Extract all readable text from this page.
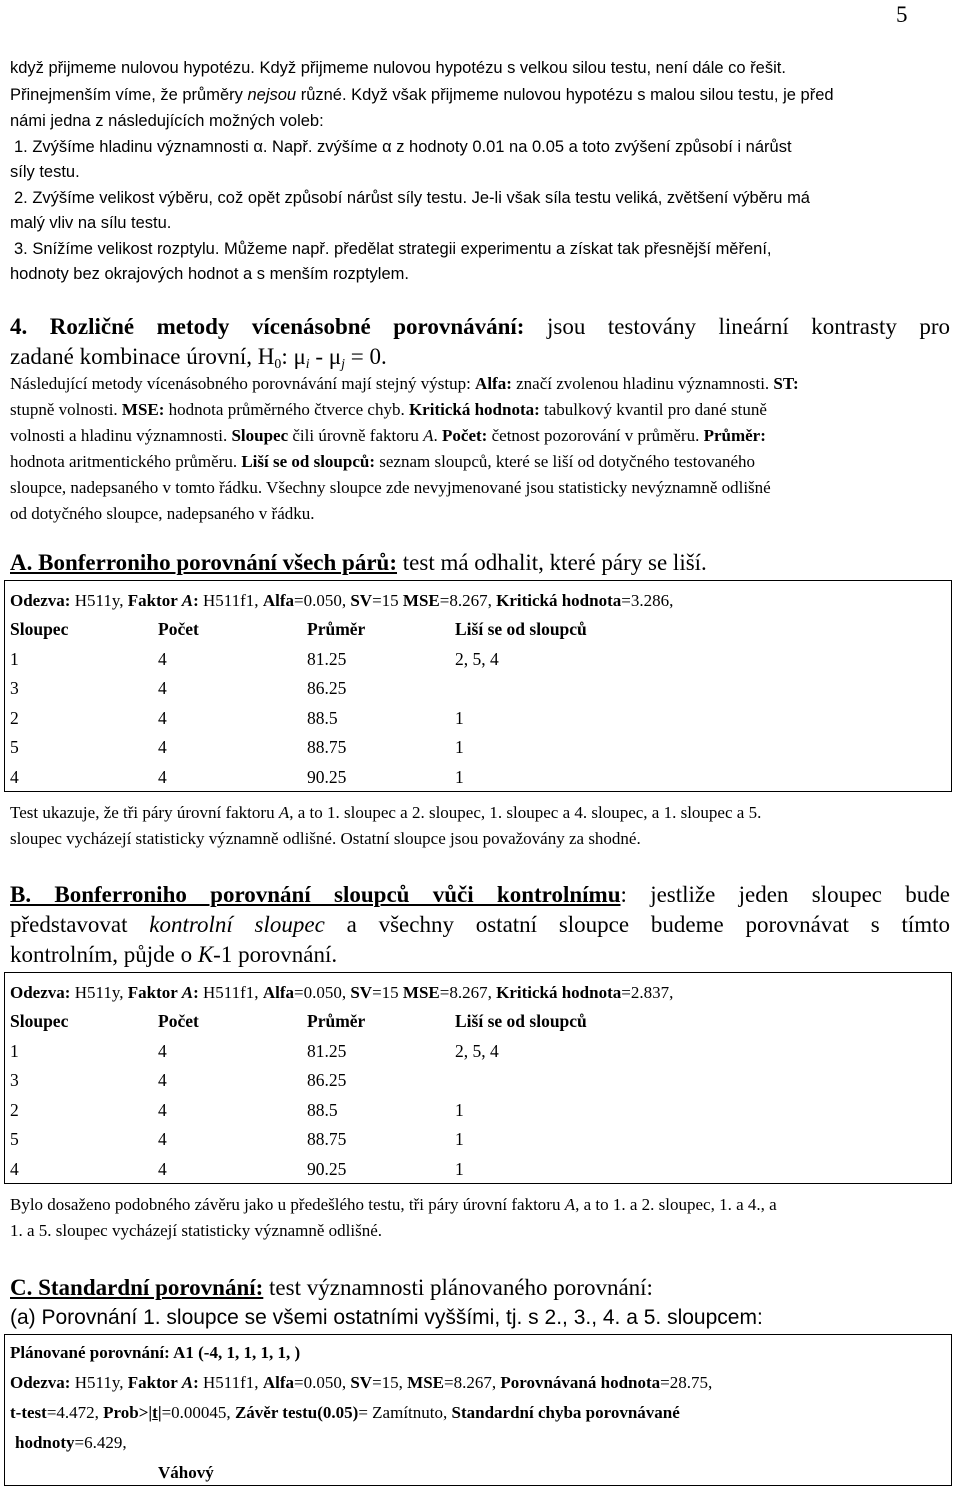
5
když přijmeme nulovou hypotézu. Když přijmeme nulovou hypotézu s velkou silou testu, není dále co řešit.
Přinejmenším víme, že průměry nejsou různé. Když však přijmeme nulovou hypotézu s malou silou testu, je před
námi jedna z následujících možných voleb:
1. Zvýšíme hladinu významnosti α. Např. zvýšíme α z hodnoty 0.01 na 0.05 a toto zvýšení způsobí i nárůst
síly testu.
2. Zvýšíme velikost výběru, což opět způsobí nárůst síly testu. Je-li však síla testu veliká, zvětšení výběru má
malý vliv na sílu testu.
3. Snížíme velikost rozptylu. Můžeme např. předělat strategii experimentu a získat tak přesnější měření,
hodnoty bez okrajových hodnot a s menším rozptylem.
4. Rozličné metody vícenásobné porovnávání: jsou testovány lineární kontrasty pro
zadané kombinace úrovní, $H_0$: $\mu_i - \mu_j = 0$.
Následující metody vícenásobného porovnávání mají stejný výstup: Alfa: značí zvolenou hladinu významnosti. ST:
stupně volnosti. MSE: hodnota průměrného čtverce chyb. Kritická hodnota: tabulkový kvantil pro dané stuně
volnosti a hladinu významnosti. Sloupec čili úrovně faktoru A. Počet: četnost pozorování v průměru. Průměr:
hodnota aritmentického průměru. Liší se od sloupců: seznam sloupců, které se liší od dotyčného testovaného
sloupce, nadepsaného v tomto řádku. Všechny sloupce zde nevyjmenované jsou statisticky nevýznamně odlišné
od dotyčného sloupce, nadepsaného v řádku.
A. Bonferroniho porovnání všech párů: test má odhalit, které páry se liší.
Odezva: H511y, Faktor A: H511f1, Alfa=0.050, SV=15 MSE=8.267, Kritická hodnota=3.286,
Sloupec	Počet	Průměr	Liší se od sloupců
1	4	81.25	2, 5, 4
3	4	86.25	
2	4	88.5	1
5	4	88.75	1
4	4	90.25	1
Test ukazuje, že tři páry úrovní faktoru A, a to 1. sloupec a 2. sloupec, 1. sloupec a 4. sloupec, a 1. sloupec a 5.
sloupec vycházejí statisticky významně odlišné. Ostatní sloupce jsou považovány za shodné.
B. Bonferroniho porovnání sloupců vůči kontrolnímu: jestliže jeden sloupec bude
představovat kontrolní sloupec a všechny ostatní sloupce budeme porovnávat s tímto
kontrolním, půjde o K-1 porovnání.
Odezva: H511y, Faktor A: H511f1, Alfa=0.050, SV=15 MSE=8.267, Kritická hodnota=2.837,
Sloupec	Počet	Průměr	Liší se od sloupců
1	4	81.25	2, 5, 4
3	4	86.25	
2	4	88.5	1
5	4	88.75	1
4	4	90.25	1
Bylo dosaženo podobného závěru jako u předešlého testu, tři páry úrovní faktoru A, a to 1. a 2. sloupec, 1. a 4., a
1. a 5. sloupec vycházejí statisticky významně odlišné.
C. Standardní porovnání: test významnosti plánovaného porovnání:
(a) Porovnání 1. sloupce se všemi ostatními vyššími, tj. s 2., 3., 4. a 5. sloupcem:
Plánované porovnání: A1 (-4, 1, 1, 1, 1, )
Odezva: H511y, Faktor A: H511f1, Alfa=0.050, SV=15, MSE=8.267, Porovnávaná hodnota=28.75,
t-test=4.472, Prob>|t|=0.00045, Závěr testu(0.05)= Zamítnuto, Standardní chyba porovnávané
hodnoty=6.429,
Váhový
